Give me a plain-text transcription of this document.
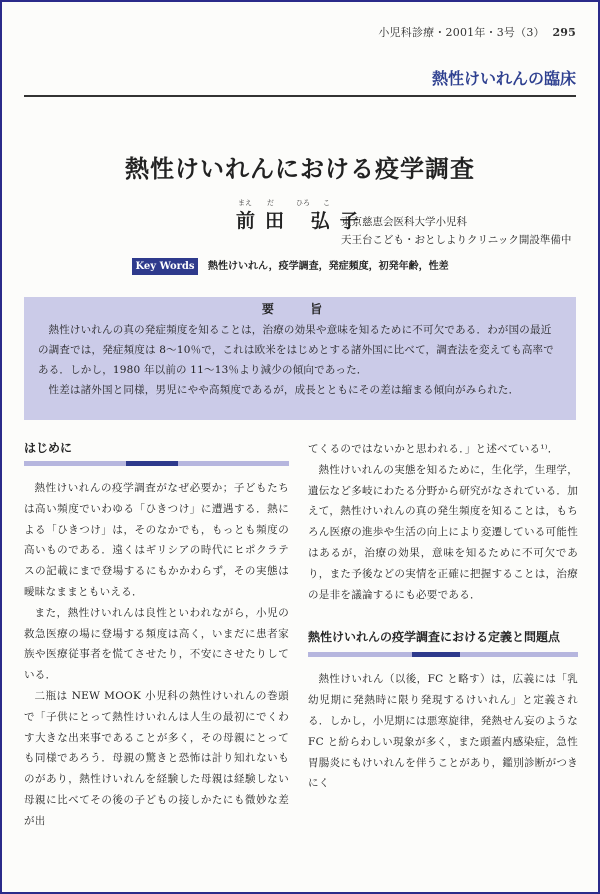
小児科診療・2001年・3号（3） 295
熱性けいれんの臨床
熱性けいれんにおける疫学調査
まえ だ	ひろ こ
前田 弘子
東京慈恵会医科大学小児科
天王台こども・おとしよりクリニック開設準備中
Key Words	熱性けいれん，疫学調査，発症頻度，初発年齢，性差
要 旨

熱性けいれんの真の発症頻度を知ることは，治療の効果や意味を知るために不可欠である．わが国の最近の調査では，発症頻度は 8〜10％で，これは欧米をはじめとする諸外国に比べて，調査法を変えても高率である．しかし，1980 年以前の 11〜13％より減少の傾向であった．

性差は諸外国と同様，男児にやや高頻度であるが，成長とともにその差は縮まる傾向がみられた．

はじめに

熱性けいれんの疫学調査がなぜ必要か；子どもたちは高い頻度でいわゆる「ひきつけ」に遭遇する．熱による「ひきつけ」は，そのなかでも，もっとも頻度の高いものである．遠くはギリシアの時代にヒポクラテスの記載にまで登場するにもかかわらず，その実態は曖昧なままともいえる．

また，熱性けいれんは良性といわれながら，小児の救急医療の場に登場する頻度は高く，いまだに患者家族や医療従事者を慌てさせたり，不安にさせたりしている．

二瓶は NEW MOOK 小児科の熱性けいれんの巻頭で「子供にとって熱性けいれんは人生の最初にでくわす大きな出来事であることが多く，その母親にとっても同様であろう．母親の驚きと恐怖は計り知れないものがあり，熱性けいれんを経験した母親は経験しない母親に比べてその後の子どもの接しかたにも微妙な差が出

てくるのではないかと思われる．」と述べている¹⁾．

熱性けいれんの実態を知るために，生化学，生理学，遺伝など多岐にわたる分野から研究がなされている．加えて，熱性けいれんの真の発生頻度を知ることは，もちろん医療の進歩や生活の向上により変遷している可能性はあるが，治療の効果，意味を知るために不可欠であり，また予後などの実情を正確に把握することは，治療の是非を議論するにも必要である．

熱性けいれんの疫学調査における定義と問題点

熱性けいれん（以後，FC と略す）は，広義には「乳幼児期に発熱時に限り発現するけいれん」と定義される．しかし，小児期には悪寒旋律，発熱せん妄のような FC と紛らわしい現象が多く，また頭蓋内感染症，急性胃腸炎にもけいれんを伴うことがあり，鑑別診断がつきにく
